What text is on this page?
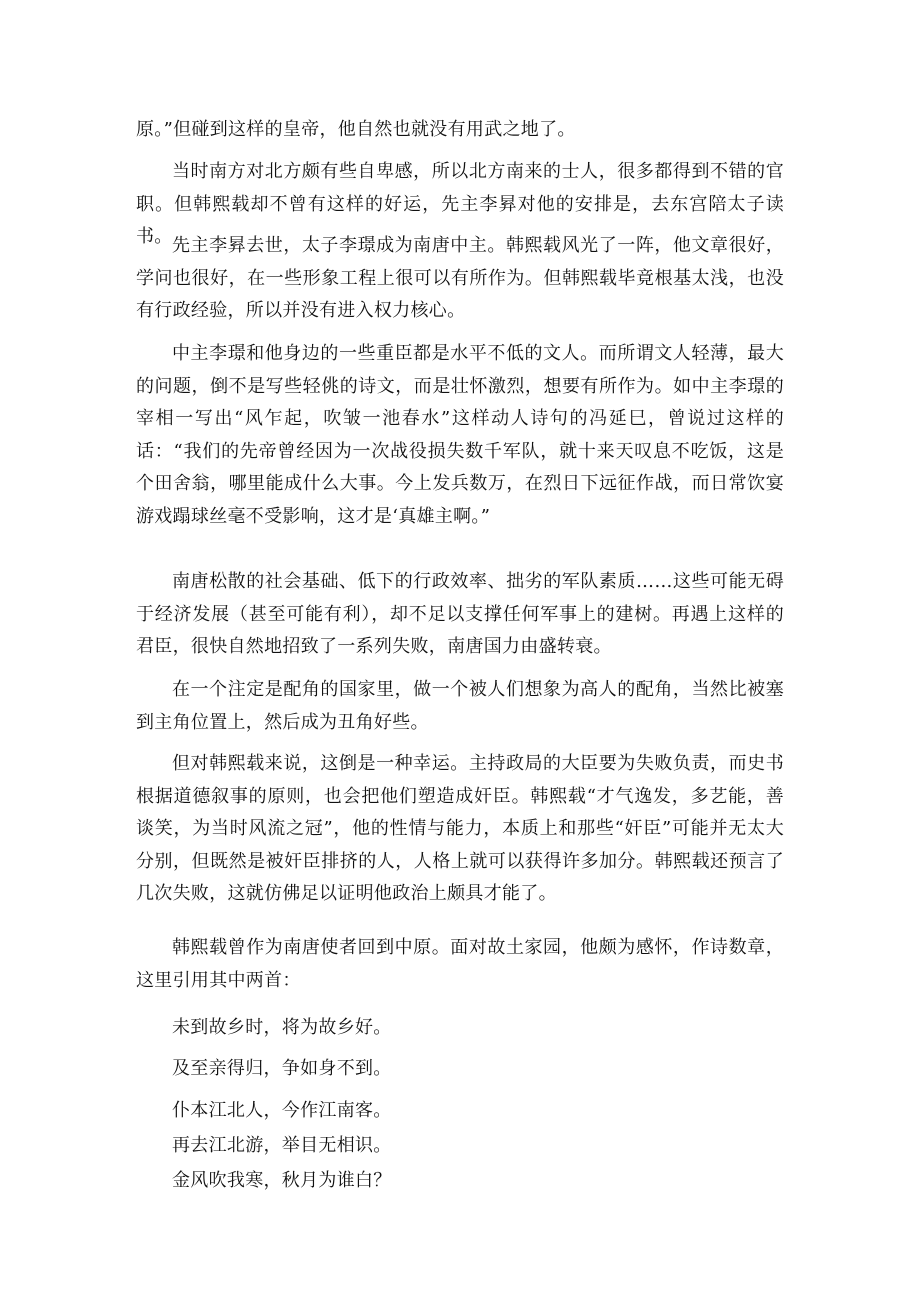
原。”但碰到这样的皇帝，他自然也就没有用武之地了。

当时南方对北方颇有些自卑感，所以北方南来的士人，很多都得到不错的官职。但韩熙载却不曾有这样的好运，先主李昪对他的安排是，去东宫陪太子读书。 先主李昪去世，太子李璟成为南唐中主。韩熙载风光了一阵，他文章很好，学问也很好，在一些形象工程上很可以有所作为。但韩熙载毕竟根基太浅，也没有行政经验，所以并没有进入权力核心。

中主李璟和他身边的一些重臣都是水平不低的文人。而所谓文人轻薄，最大的问题，倒不是写些轻佻的诗文，而是壮怀激烈，想要有所作为。如中主李璟的宰相一写出“风乍起，吹皱一池春水”这样动人诗句的冯延巳，曾说过这样的话：“我们的先帝曾经因为一次战役损失数千军队，就十来天叹息不吃饭，这是个田舍翁，哪里能成什么大事。今上发兵数万，在烈日下远征作战，而日常饮宴游戏蹋球丝毫不受影响，这才是‘真雄主啊。”

南唐松散的社会基础、低下的行政效率、拙劣的军队素质……这些可能无碍于经济发展（甚至可能有利），却不足以支撑任何军事上的建树。再遇上这样的君臣，很快自然地招致了一系列失败，南唐国力由盛转衰。

在一个注定是配角的国家里，做一个被人们想象为高人的配角，当然比被塞到主角位置上，然后成为丑角好些。

但对韩熙载来说，这倒是一种幸运。主持政局的大臣要为失败负责，而史书根据道德叙事的原则，也会把他们塑造成奸臣。韩熙载“才气逸发，多艺能，善谈笑，为当时风流之冠”，他的性情与能力，本质上和那些“奸臣”可能并无太大分别，但既然是被奸臣排挤的人，人格上就可以获得许多加分。韩熙载还预言了几次失败，这就仿佛足以证明他政治上颇具才能了。

韩熙载曾作为南唐使者回到中原。面对故土家园，他颇为感怀，作诗数章，这里引用其中两首：

未到故乡时，将为故乡好。

及至亲得归，争如身不到。

仆本江北人，今作江南客。

再去江北游，举目无相识。

金风吹我寒，秋月为谁白？
